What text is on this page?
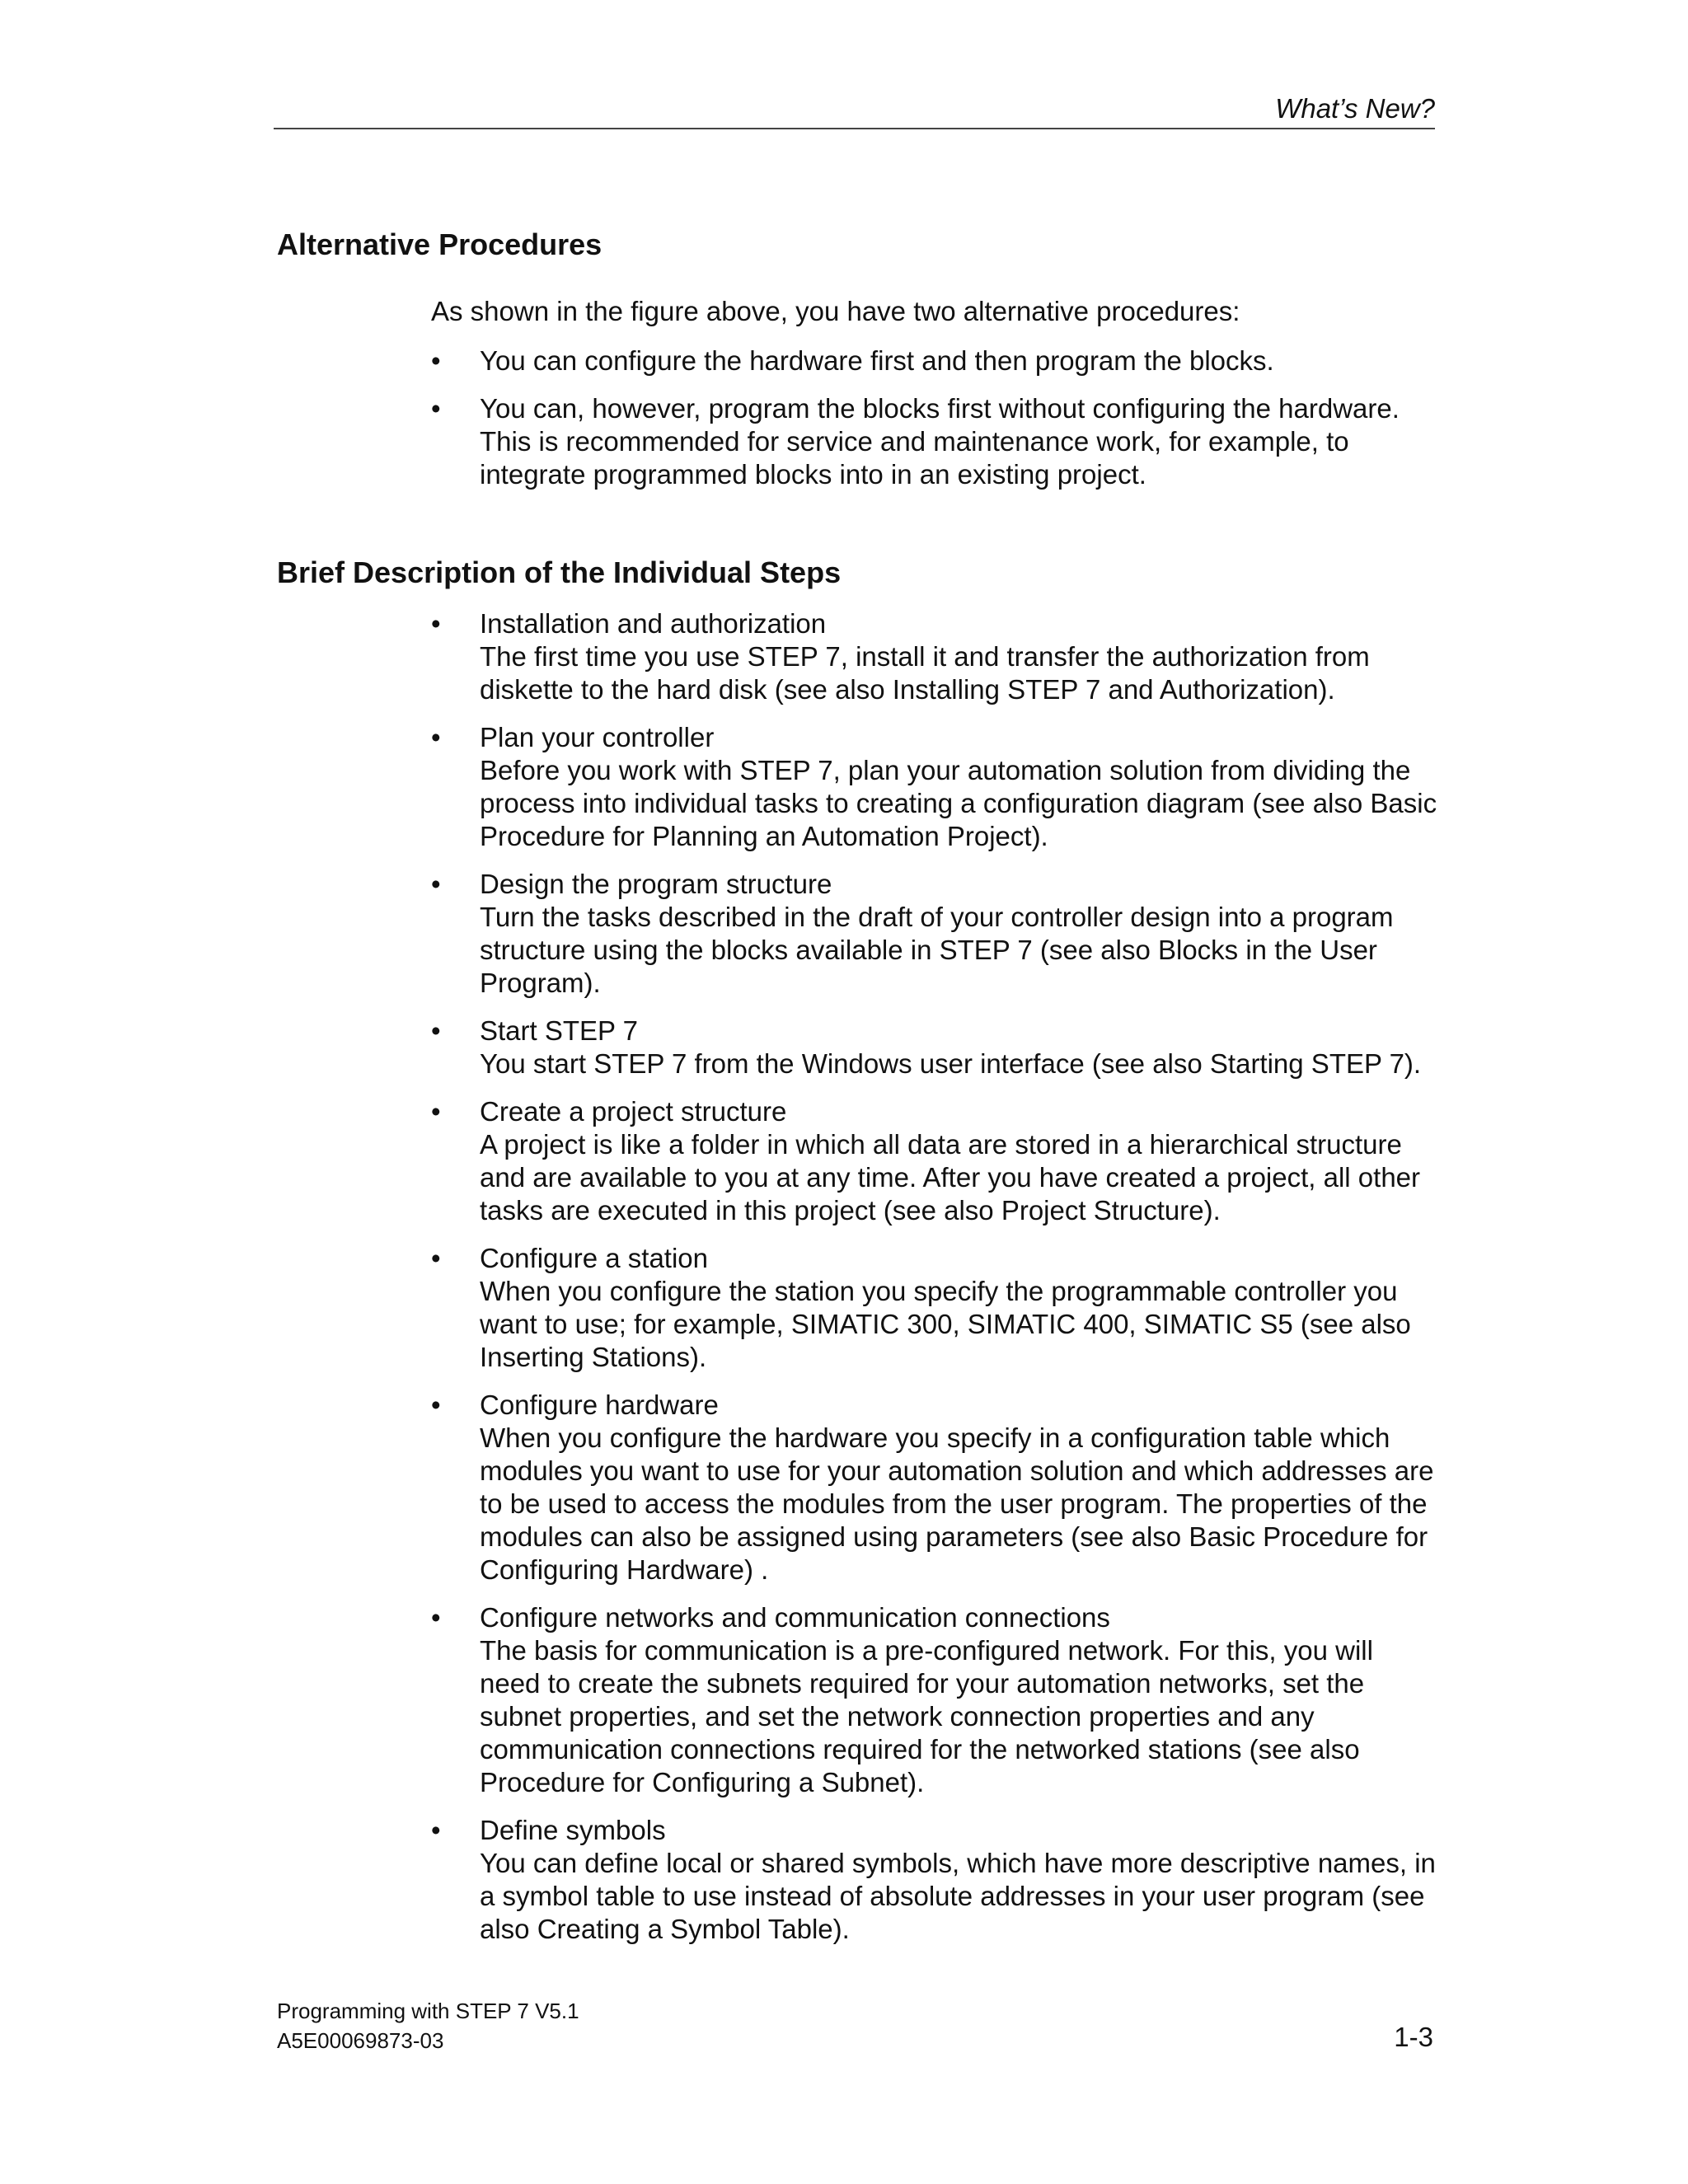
What’s New?
Alternative Procedures

As shown in the figure above, you have two alternative procedures:

•	You can configure the hardware first and then program the blocks.
•	You can, however, program the blocks first without configuring the hardware. This is recommended for service and maintenance work, for example, to integrate programmed blocks into in an existing project.
Brief Description of the Individual Steps
•	Installation and authorization
The first time you use STEP 7, install it and transfer the authorization from diskette to the hard disk (see also Installing STEP 7 and Authorization).
•	Plan your controller
Before you work with STEP 7, plan your automation solution from dividing the process into individual tasks to creating a configuration diagram (see also Basic Procedure for Planning an Automation Project).
•	Design the program structure
Turn the tasks described in the draft of your controller design into a program structure using the blocks available in STEP 7 (see also Blocks in the User Program).
•	Start STEP 7
You start STEP 7 from the Windows user interface (see also Starting STEP 7).
•	Create a project structure
A project is like a folder in which all data are stored in a hierarchical structure and are available to you at any time. After you have created a project, all other tasks are executed in this project (see also Project Structure).
•	Configure a station
When you configure the station you specify the programmable controller you want to use; for example, SIMATIC 300, SIMATIC 400, SIMATIC S5 (see also Inserting Stations).
•	Configure hardware
When you configure the hardware you specify in a configuration table which modules you want to use for your automation solution and which addresses are to be used to access the modules from the user program. The properties of the modules can also be assigned using parameters (see also Basic Procedure for Configuring Hardware) .
•	Configure networks and communication connections
The basis for communication is a pre-configured network. For this, you will need to create the subnets required for your automation networks, set the subnet properties, and set the network connection properties and any communication connections required for the networked stations (see also Procedure for Configuring a Subnet).
•	Define symbols
You can define local or shared symbols, which have more descriptive names, in a symbol table to use instead of absolute addresses in your user program (see also Creating a Symbol Table).
Programming with STEP 7 V5.1
A5E00069873-03	1-3
